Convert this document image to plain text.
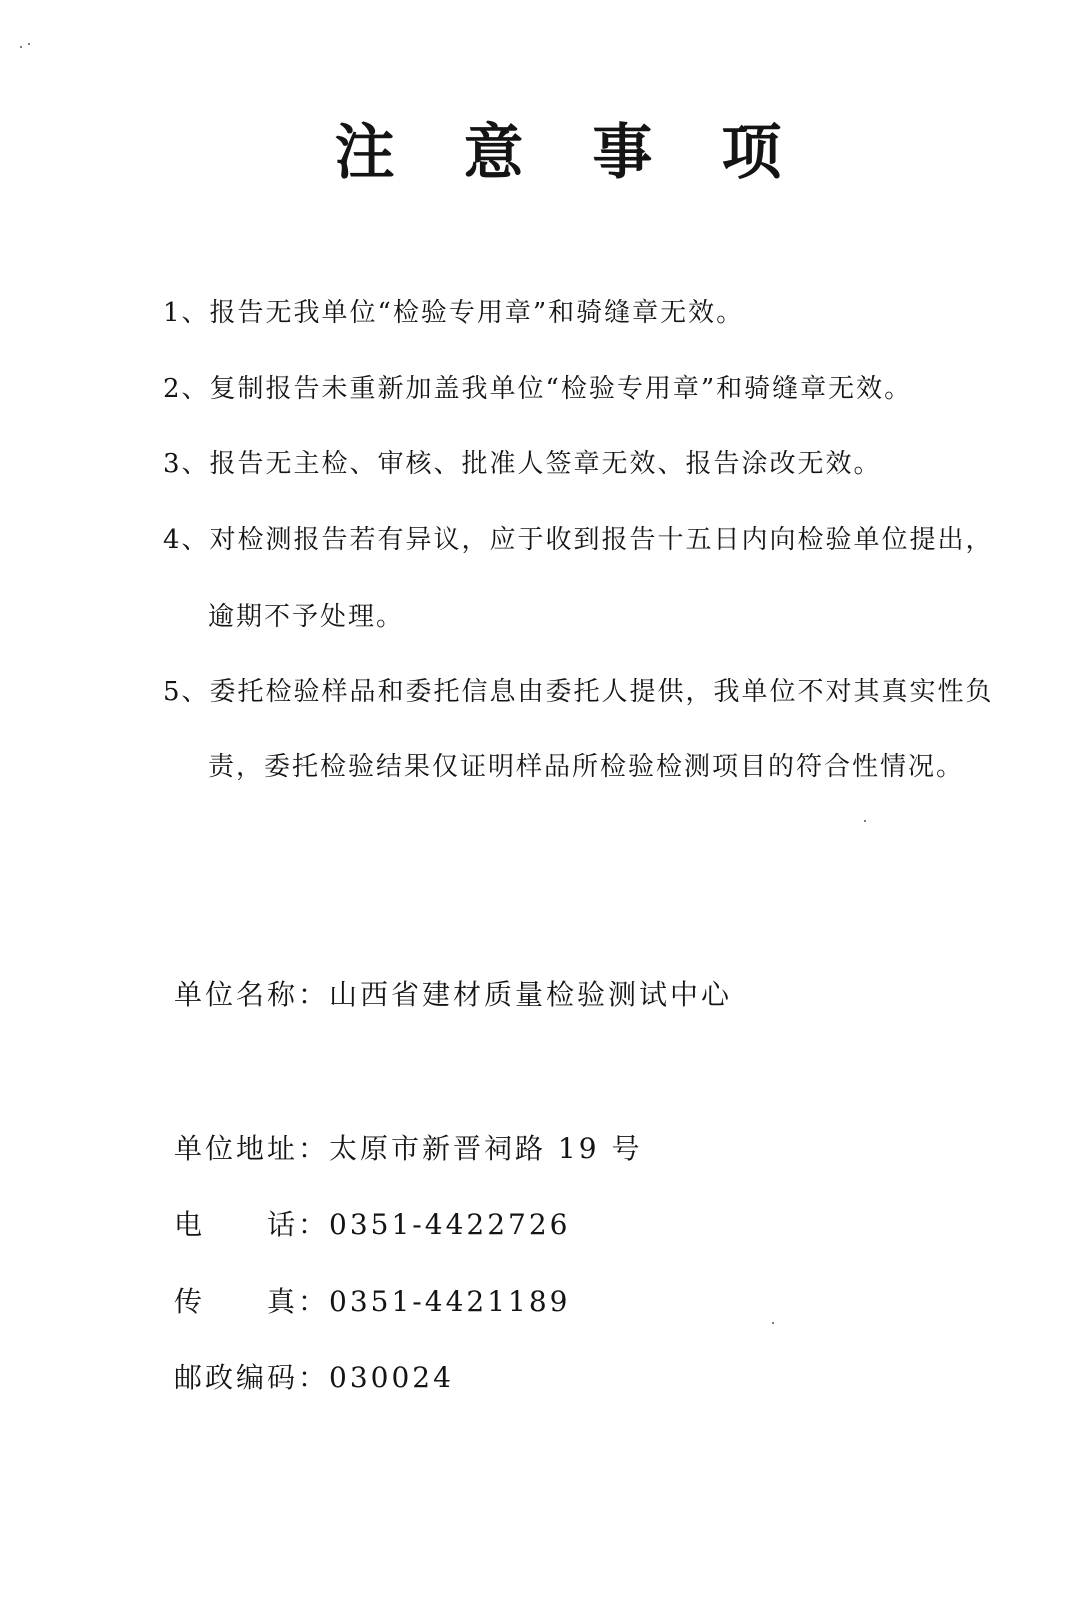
注 意 事 项
1、报告无我单位“检验专用章”和骑缝章无效。
2、复制报告未重新加盖我单位“检验专用章”和骑缝章无效。
3、报告无主检、审核、批准人签章无效、报告涂改无效。
4、对检测报告若有异议，应于收到报告十五日内向检验单位提出，
逾期不予处理。
5、委托检验样品和委托信息由委托人提供，我单位不对其真实性负
责，委托检验结果仅证明样品所检验检测项目的符合性情况。
单位名称：山西省建材质量检验测试中心
单位地址：太原市新晋祠路 19 号
电　　话：0351-4422726
传　　真：0351-4421189
邮政编码：030024
